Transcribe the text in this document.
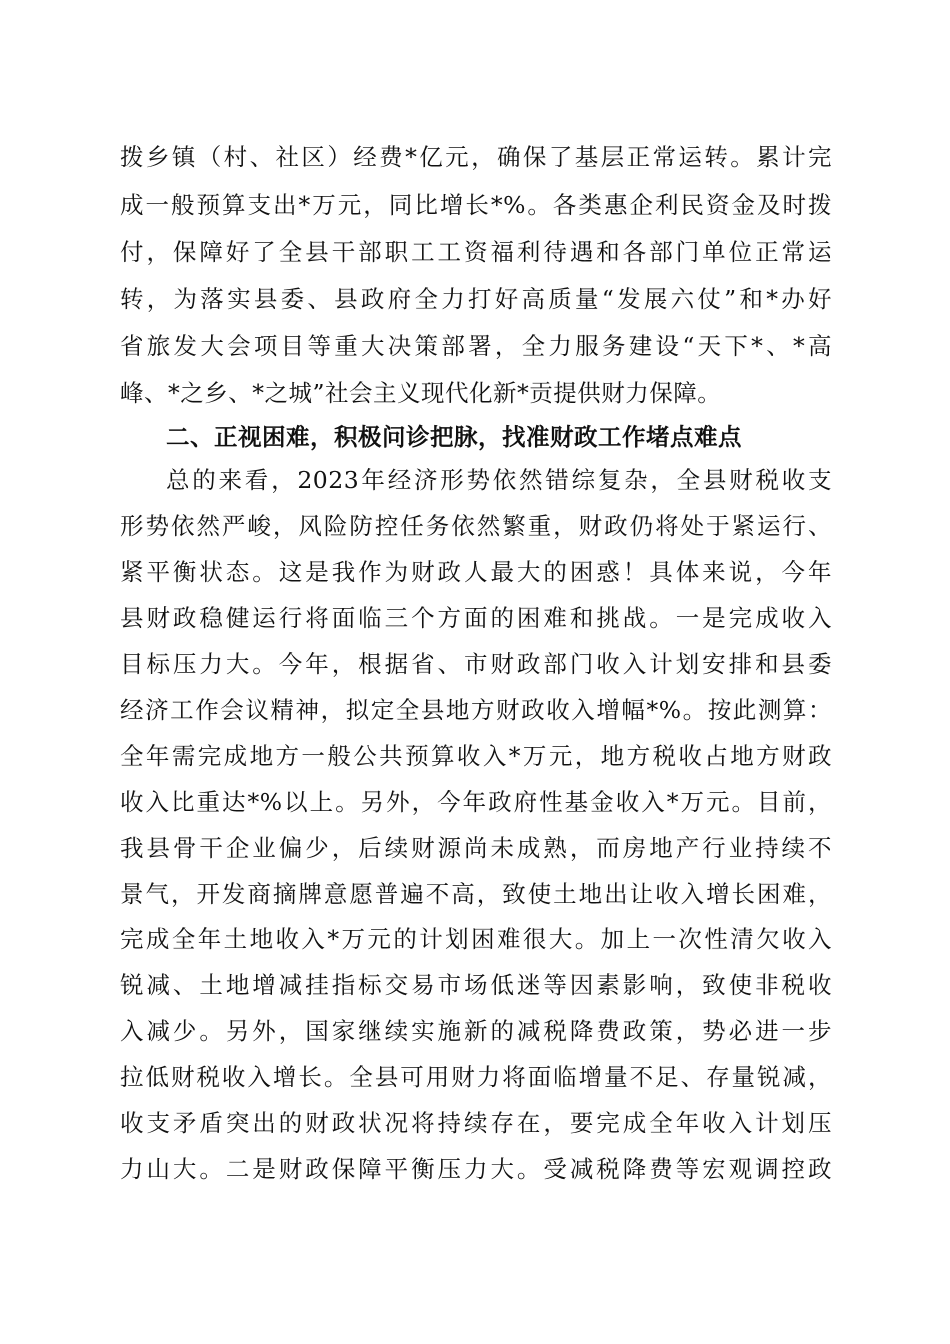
拨乡镇（村、社区）经费*亿元，确保了基层正常运转。累计完
成一般预算支出*万元，同比增长*%。各类惠企利民资金及时拨
付，保障好了全县干部职工工资福利待遇和各部门单位正常运
转，为落实县委、县政府全力打好高质量“发展六仗”和*办好
省旅发大会项目等重大决策部署，全力服务建设“天下*、*高
峰、*之乡、*之城”社会主义现代化新*贡提供财力保障。
二、正视困难，积极问诊把脉，找准财政工作堵点难点
总的来看，2023年经济形势依然错综复杂，全县财税收支
形势依然严峻，风险防控任务依然繁重，财政仍将处于紧运行、
紧平衡状态。这是我作为财政人最大的困惑！具体来说，今年
县财政稳健运行将面临三个方面的困难和挑战。一是完成收入
目标压力大。今年，根据省、市财政部门收入计划安排和县委
经济工作会议精神，拟定全县地方财政收入增幅*%。按此测算：
全年需完成地方一般公共预算收入*万元，地方税收占地方财政
收入比重达*%以上。另外，今年政府性基金收入*万元。目前，
我县骨干企业偏少，后续财源尚未成熟，而房地产行业持续不
景气，开发商摘牌意愿普遍不高，致使土地出让收入增长困难，
完成全年土地收入*万元的计划困难很大。加上一次性清欠收入
锐减、土地增减挂指标交易市场低迷等因素影响，致使非税收
入减少。另外，国家继续实施新的减税降费政策，势必进一步
拉低财税收入增长。全县可用财力将面临增量不足、存量锐减，
收支矛盾突出的财政状况将持续存在，要完成全年收入计划压
力山大。二是财政保障平衡压力大。受减税降费等宏观调控政
